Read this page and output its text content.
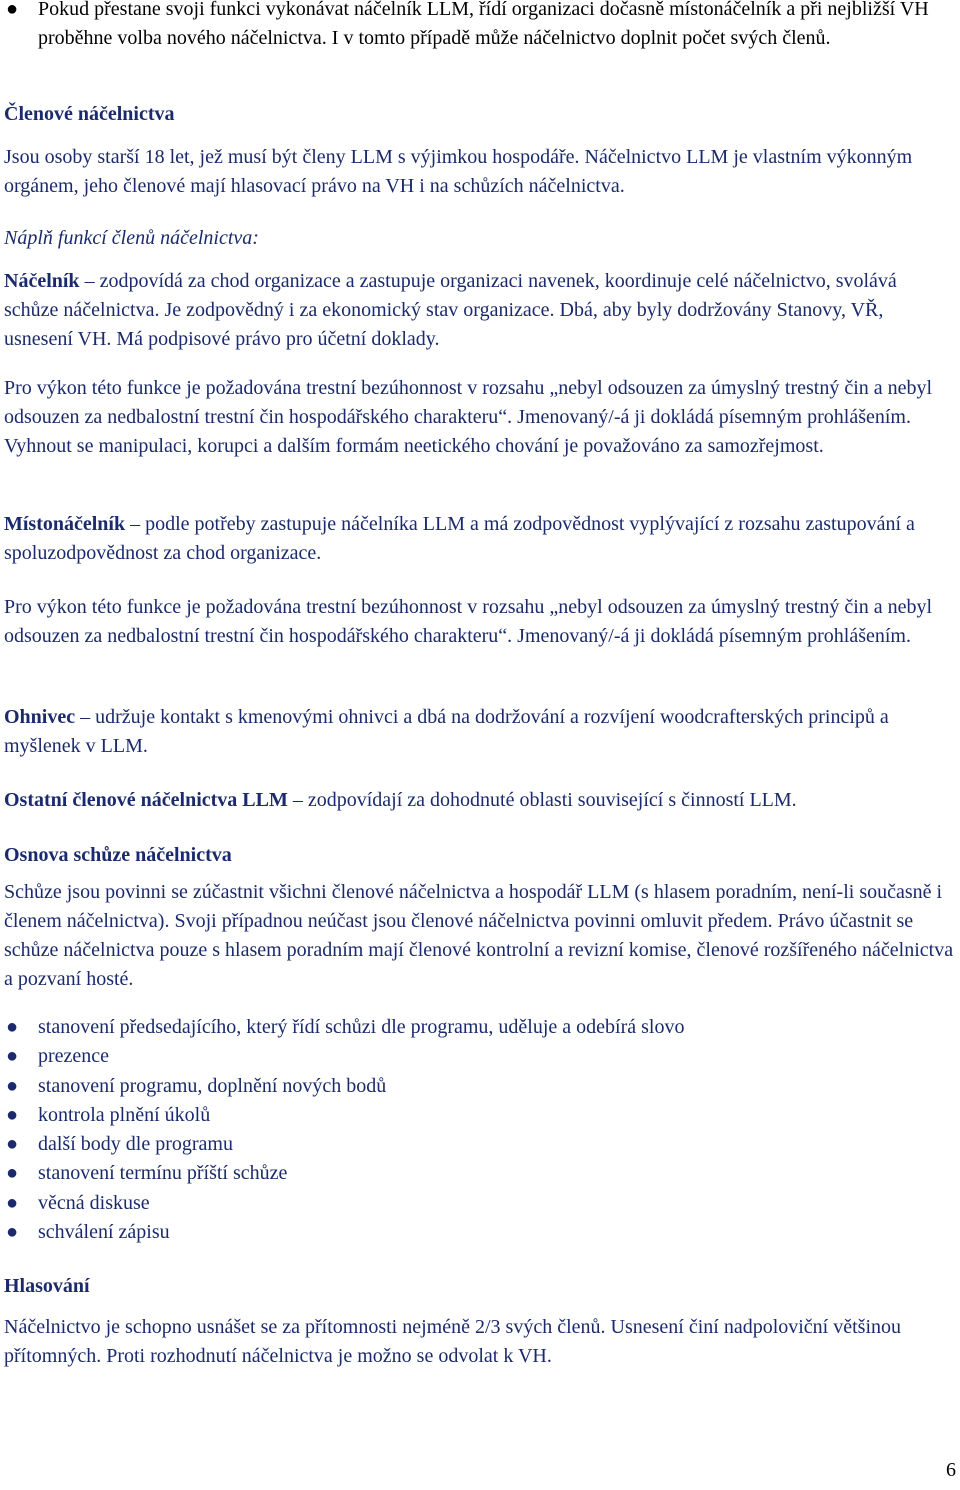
● Pokud přestane svoji funkci vykonávat náčelník LLM, řídí organizaci dočasně místonáčelník a při nejbližší VH proběhne volba nového náčelnictva. I v tomto případě může náčelnictvo doplnit počet svých členů.

Členové náčelnictva

Jsou osoby starší 18 let, jež musí být členy LLM s výjimkou hospodáře. Náčelnictvo LLM je vlastním výkonným orgánem, jeho členové mají hlasovací právo na VH i na schůzích náčelnictva.

Náplň funkcí členů náčelnictva:

Náčelník – zodpovídá za chod organizace a zastupuje organizaci navenek, koordinuje celé náčelnictvo, svolává schůze náčelnictva. Je zodpovědný i za ekonomický stav organizace. Dbá, aby byly dodržovány Stanovy, VŘ, usnesení VH. Má podpisové právo pro účetní doklady.

Pro výkon této funkce je požadována trestní bezúhonnost v rozsahu „nebyl odsouzen za úmyslný trestný čin a nebyl odsouzen za nedbalostní trestní čin hospodářského charakteru“. Jmenovaný/-á ji dokládá písemným prohlášením. Vyhnout se manipulaci, korupci a dalším formám neetického chování je považováno za samozřejmost.

Místonáčelník – podle potřeby zastupuje náčelníka LLM a má zodpovědnost vyplývající z rozsahu zastupování a spoluzodpovědnost za chod organizace.

Pro výkon této funkce je požadována trestní bezúhonnost v rozsahu „nebyl odsouzen za úmyslný trestný čin a nebyl odsouzen za nedbalostní trestní čin hospodářského charakteru“. Jmenovaný/-á ji dokládá písemným prohlášením.

Ohnivec – udržuje kontakt s kmenovými ohnivci a dbá na dodržování a rozvíjení woodcrafterských principů a myšlenek v LLM.

Ostatní členové náčelnictva LLM – zodpovídají za dohodnuté oblasti související s činností LLM.

Osnova schůze náčelnictva

Schůze jsou povinni se zúčastnit všichni členové náčelnictva a hospodář LLM (s hlasem poradním, není-li současně i členem náčelnictva). Svoji případnou neúčast jsou členové náčelnictva povinni omluvit předem. Právo účastnit se schůze náčelnictva pouze s hlasem poradním mají členové kontrolní a revizní komise, členové rozšířeného náčelnictva a pozvaní hosté.

● stanovení předsedajícího, který řídí schůzi dle programu, uděluje a odebírá slovo
● prezence
● stanovení programu, doplnění nových bodů
● kontrola plnění úkolů
● další body dle programu
● stanovení termínu příští schůze
● věcná diskuse
● schválení zápisu

Hlasování

Náčelnictvo je schopno usnášet se za přítomnosti nejméně 2/3 svých členů. Usnesení činí nadpoloviční většinou přítomných. Proti rozhodnutí náčelnictva je možno se odvolat k VH.

6
